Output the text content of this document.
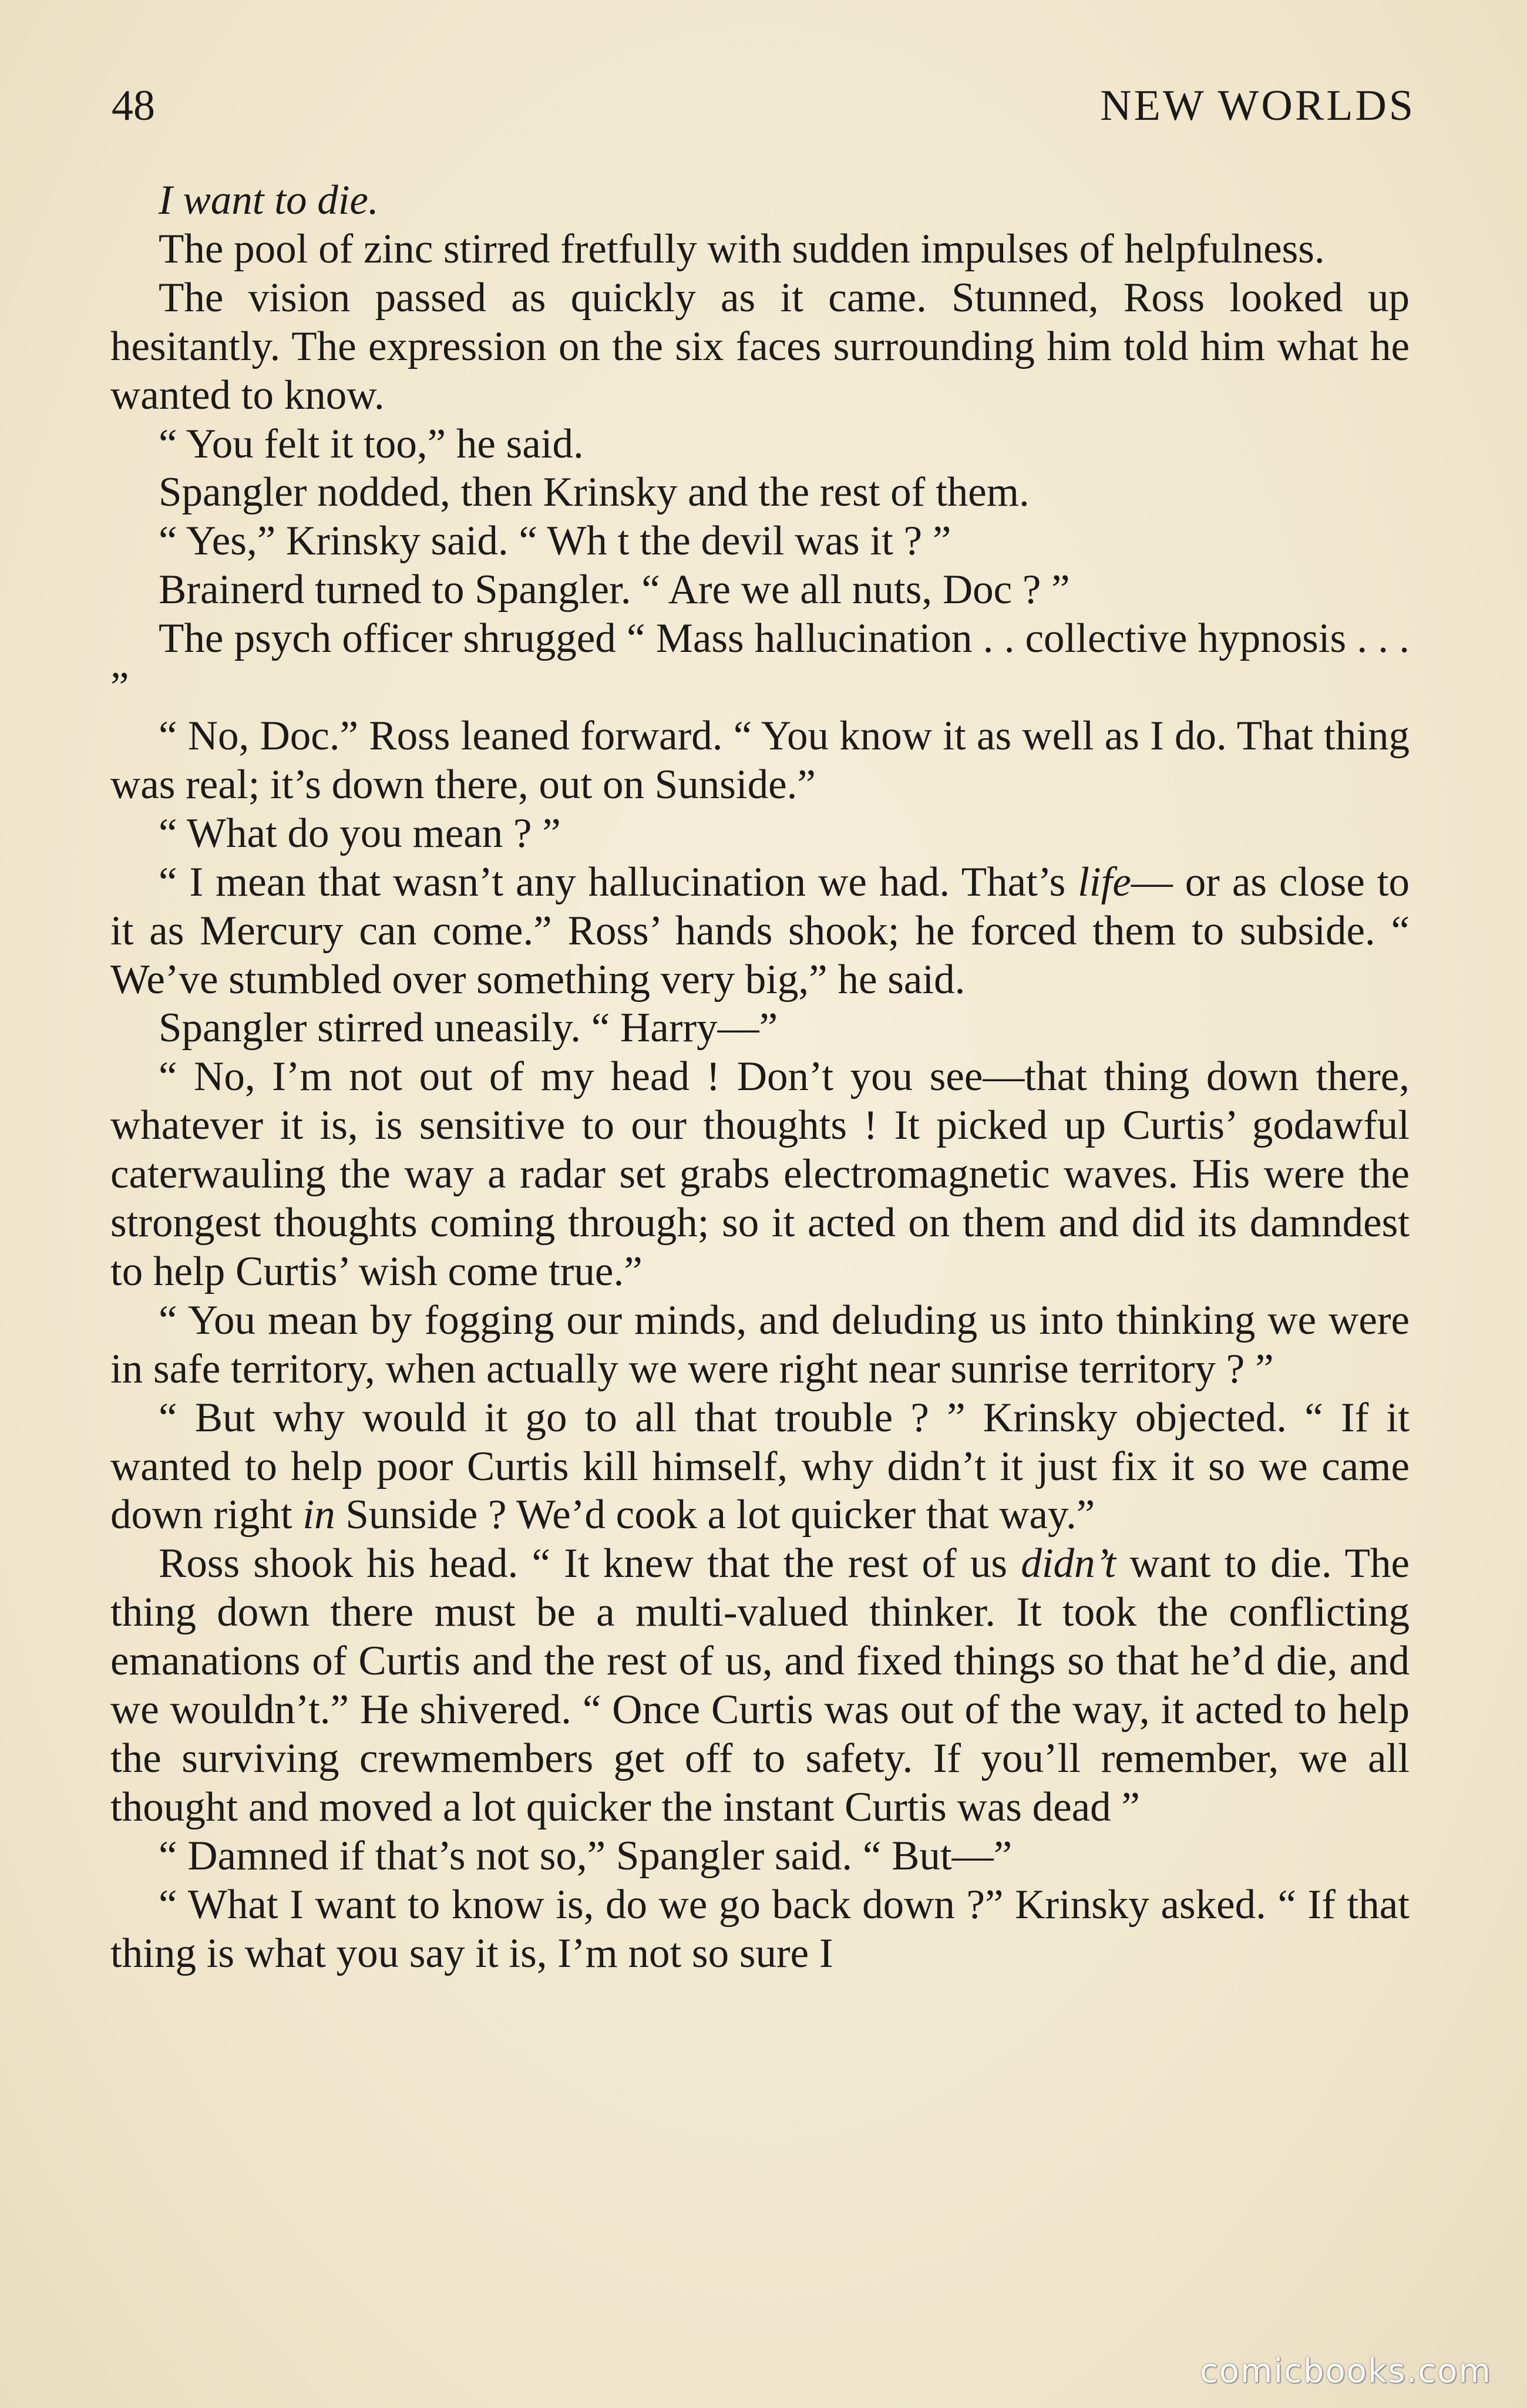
48	NEW WORLDS

I want to die.

The pool of zinc stirred fretfully with sudden impulses of helpfulness.

The vision passed as quickly as it came. Stunned, Ross looked up hesitantly. The expression on the six faces surrounding him told him what he wanted to know.

“ You felt it too,” he said.

Spangler nodded, then Krinsky and the rest of them.

“ Yes,” Krinsky said. “ Wh t the devil was it ? ”

Brainerd turned to Spangler. “ Are we all nuts, Doc ? ”

The psych officer shrugged “ Mass hallucination . . collective hypnosis . . . ”

“ No, Doc.” Ross leaned forward. “ You know it as well as I do. That thing was real; it’s down there, out on Sunside.”

“ What do you mean ? ”

“ I mean that wasn’t any hallucination we had. That’s life— or as close to it as Mercury can come.” Ross’ hands shook; he forced them to subside. “ We’ve stumbled over something very big,” he said.

Spangler stirred uneasily. “ Harry—”

“ No, I’m not out of my head ! Don’t you see—that thing down there, whatever it is, is sensitive to our thoughts ! It picked up Curtis’ godawful caterwauling the way a radar set grabs electromagnetic waves. His were the strongest thoughts coming through; so it acted on them and did its damndest to help Curtis’ wish come true.”

“ You mean by fogging our minds, and deluding us into thinking we were in safe territory, when actually we were right near sunrise territory ? ”

“ But why would it go to all that trouble ? ” Krinsky objected. “ If it wanted to help poor Curtis kill himself, why didn’t it just fix it so we came down right in Sunside ? We’d cook a lot quicker that way.”

Ross shook his head. “ It knew that the rest of us didn’t want to die. The thing down there must be a multi-valued thinker. It took the conflicting emanations of Curtis and the rest of us, and fixed things so that he’d die, and we wouldn’t.” He shivered. “ Once Curtis was out of the way, it acted to help the surviving crewmembers get off to safety. If you’ll remember, we all thought and moved a lot quicker the instant Curtis was dead ”

“ Damned if that’s not so,” Spangler said. “ But—”

“ What I want to know is, do we go back down ?” Krinsky asked. “ If that thing is what you say it is, I’m not so sure I

comicbooks.com
